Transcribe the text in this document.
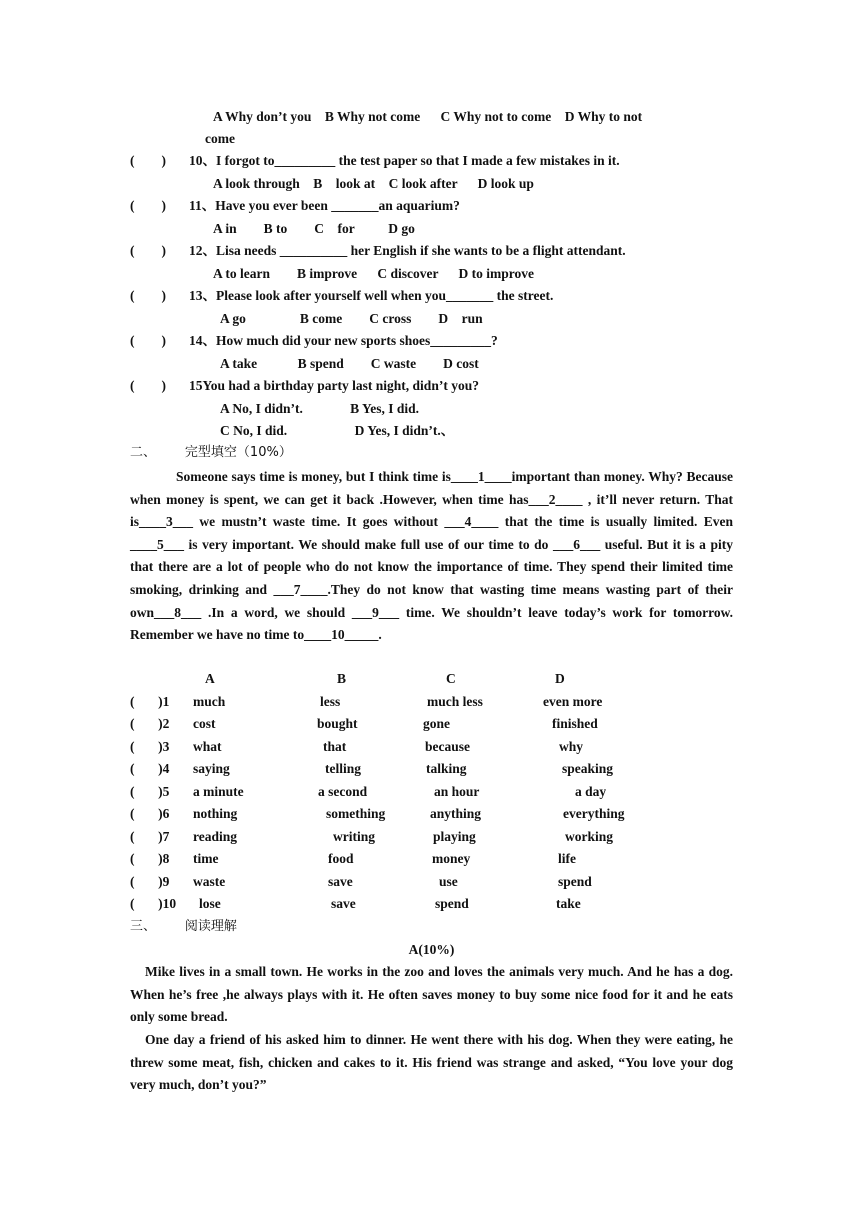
A Why don’t you    B Why not come      C Why not to come    D Why to not
come
(        ) 10、I forgot to_________ the test paper so that I made a few mistakes in it.
A look through    B    look at    C look after      D look up
(        ) 11、Have you ever been _______an aquarium?
A in        B to        C    for          D go
(        ) 12、Lisa needs __________ her English if she wants to be a flight attendant.
A to learn        B improve      C discover      D to improve
(        ) 13、Please look after yourself well when you_______ the street.
A go                B come        C cross        D    run
(        ) 14、How much did your new sports shoes_________?
A take            B spend        C waste        D cost
(        ) 15You had a birthday party last night, didn’t you?
A No, I didn’t.              B Yes, I did.
C No, I did.                    D Yes, I didn’t.、
二、       完型填空（10%）
Someone says time is money, but I think time is____1____important than money. Why? Because when money is spent, we can get it back .However, when time has___2____ , it’ll never return. That is____3___ we mustn’t waste time. It goes without ___4____ that the time is usually limited. Even ____5___ is very important. We should make full use of our time to do ___6___ useful. But it is a pity that there are a lot of people who do not know the importance of time. They spend their limited time smoking, drinking and ___7____.They do not know that wasting time means wasting part of their own___8___ .In a word, we should ___9___ time. We shouldn’t leave today’s work for tomorrow. Remember we have no time to____10_____.
A	B	C	D
(       )1 much	less	much less	even more
(       )2 cost	bought	gone	finished
(       )3 what	that	because	why
(       )4 saying	telling	talking	speaking
(       )5 a minute	a second	an hour	a day
(       )6 nothing	something	anything	everything
(       )7 reading	writing	playing	working
(       )8 time	food	money	life
(       )9 waste	save	use	spend
(       )10 lose	save	spend	take
三、       阅读理解
A(10%)
Mike lives in a small town. He works in the zoo and loves the animals very much. And he has a dog. When he’s free ,he always plays with it. He often saves money to buy some nice food for it and he eats only some bread.
One day a friend of his asked him to dinner. He went there with his dog. When they were eating, he threw some meat, fish, chicken and cakes to it. His friend was strange and asked, “You love your dog very much, don’t you?”
